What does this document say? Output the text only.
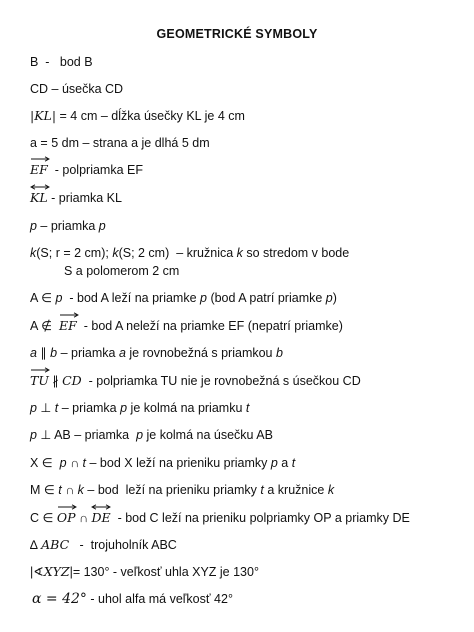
GEOMETRICKÉ SYMBOLY
B  -   bod B
CD – úsečka CD
|KL| = 4 cm – dĺžka úsečky KL je 4 cm
a = 5 dm – strana a je dlhá 5 dm
EF  - polpriamka EF
KL - priamka KL
p – priamka p
k(S; r = 2 cm); k(S; 2 cm)  – kružnica k so stredom v bode
S a polomerom 2 cm
A ∈ p  - bod A leží na priamke p (bod A patrí priamke p)
A ∉
EF  - bod A neleží na priamke EF (nepatrí priamke)
a ∥ b – priamka a je rovnobežná s priamkou b
TU ∦ CD  - polpriamka TU nie je rovnobežná s úsečkou CD
p ⊥ t – priamka p je kolmá na priamku t
p ⊥ AB – priamka  p je kolmá na úsečku AB
X ∈  p ∩ t – bod X leží na prieniku priamky p a t
M ∈ t ∩ k – bod  leží na prieniku priamky t a kružnice k
C ∈
OP ∩
DE  - bod C leží na prieniku polpriamky OP a priamky DE
∆ ABC   -  trojuholník ABC
|∢XYZ|= 130° - veľkosť uhla XYZ je 130°
α = 42° - uhol alfa má veľkosť 42°
